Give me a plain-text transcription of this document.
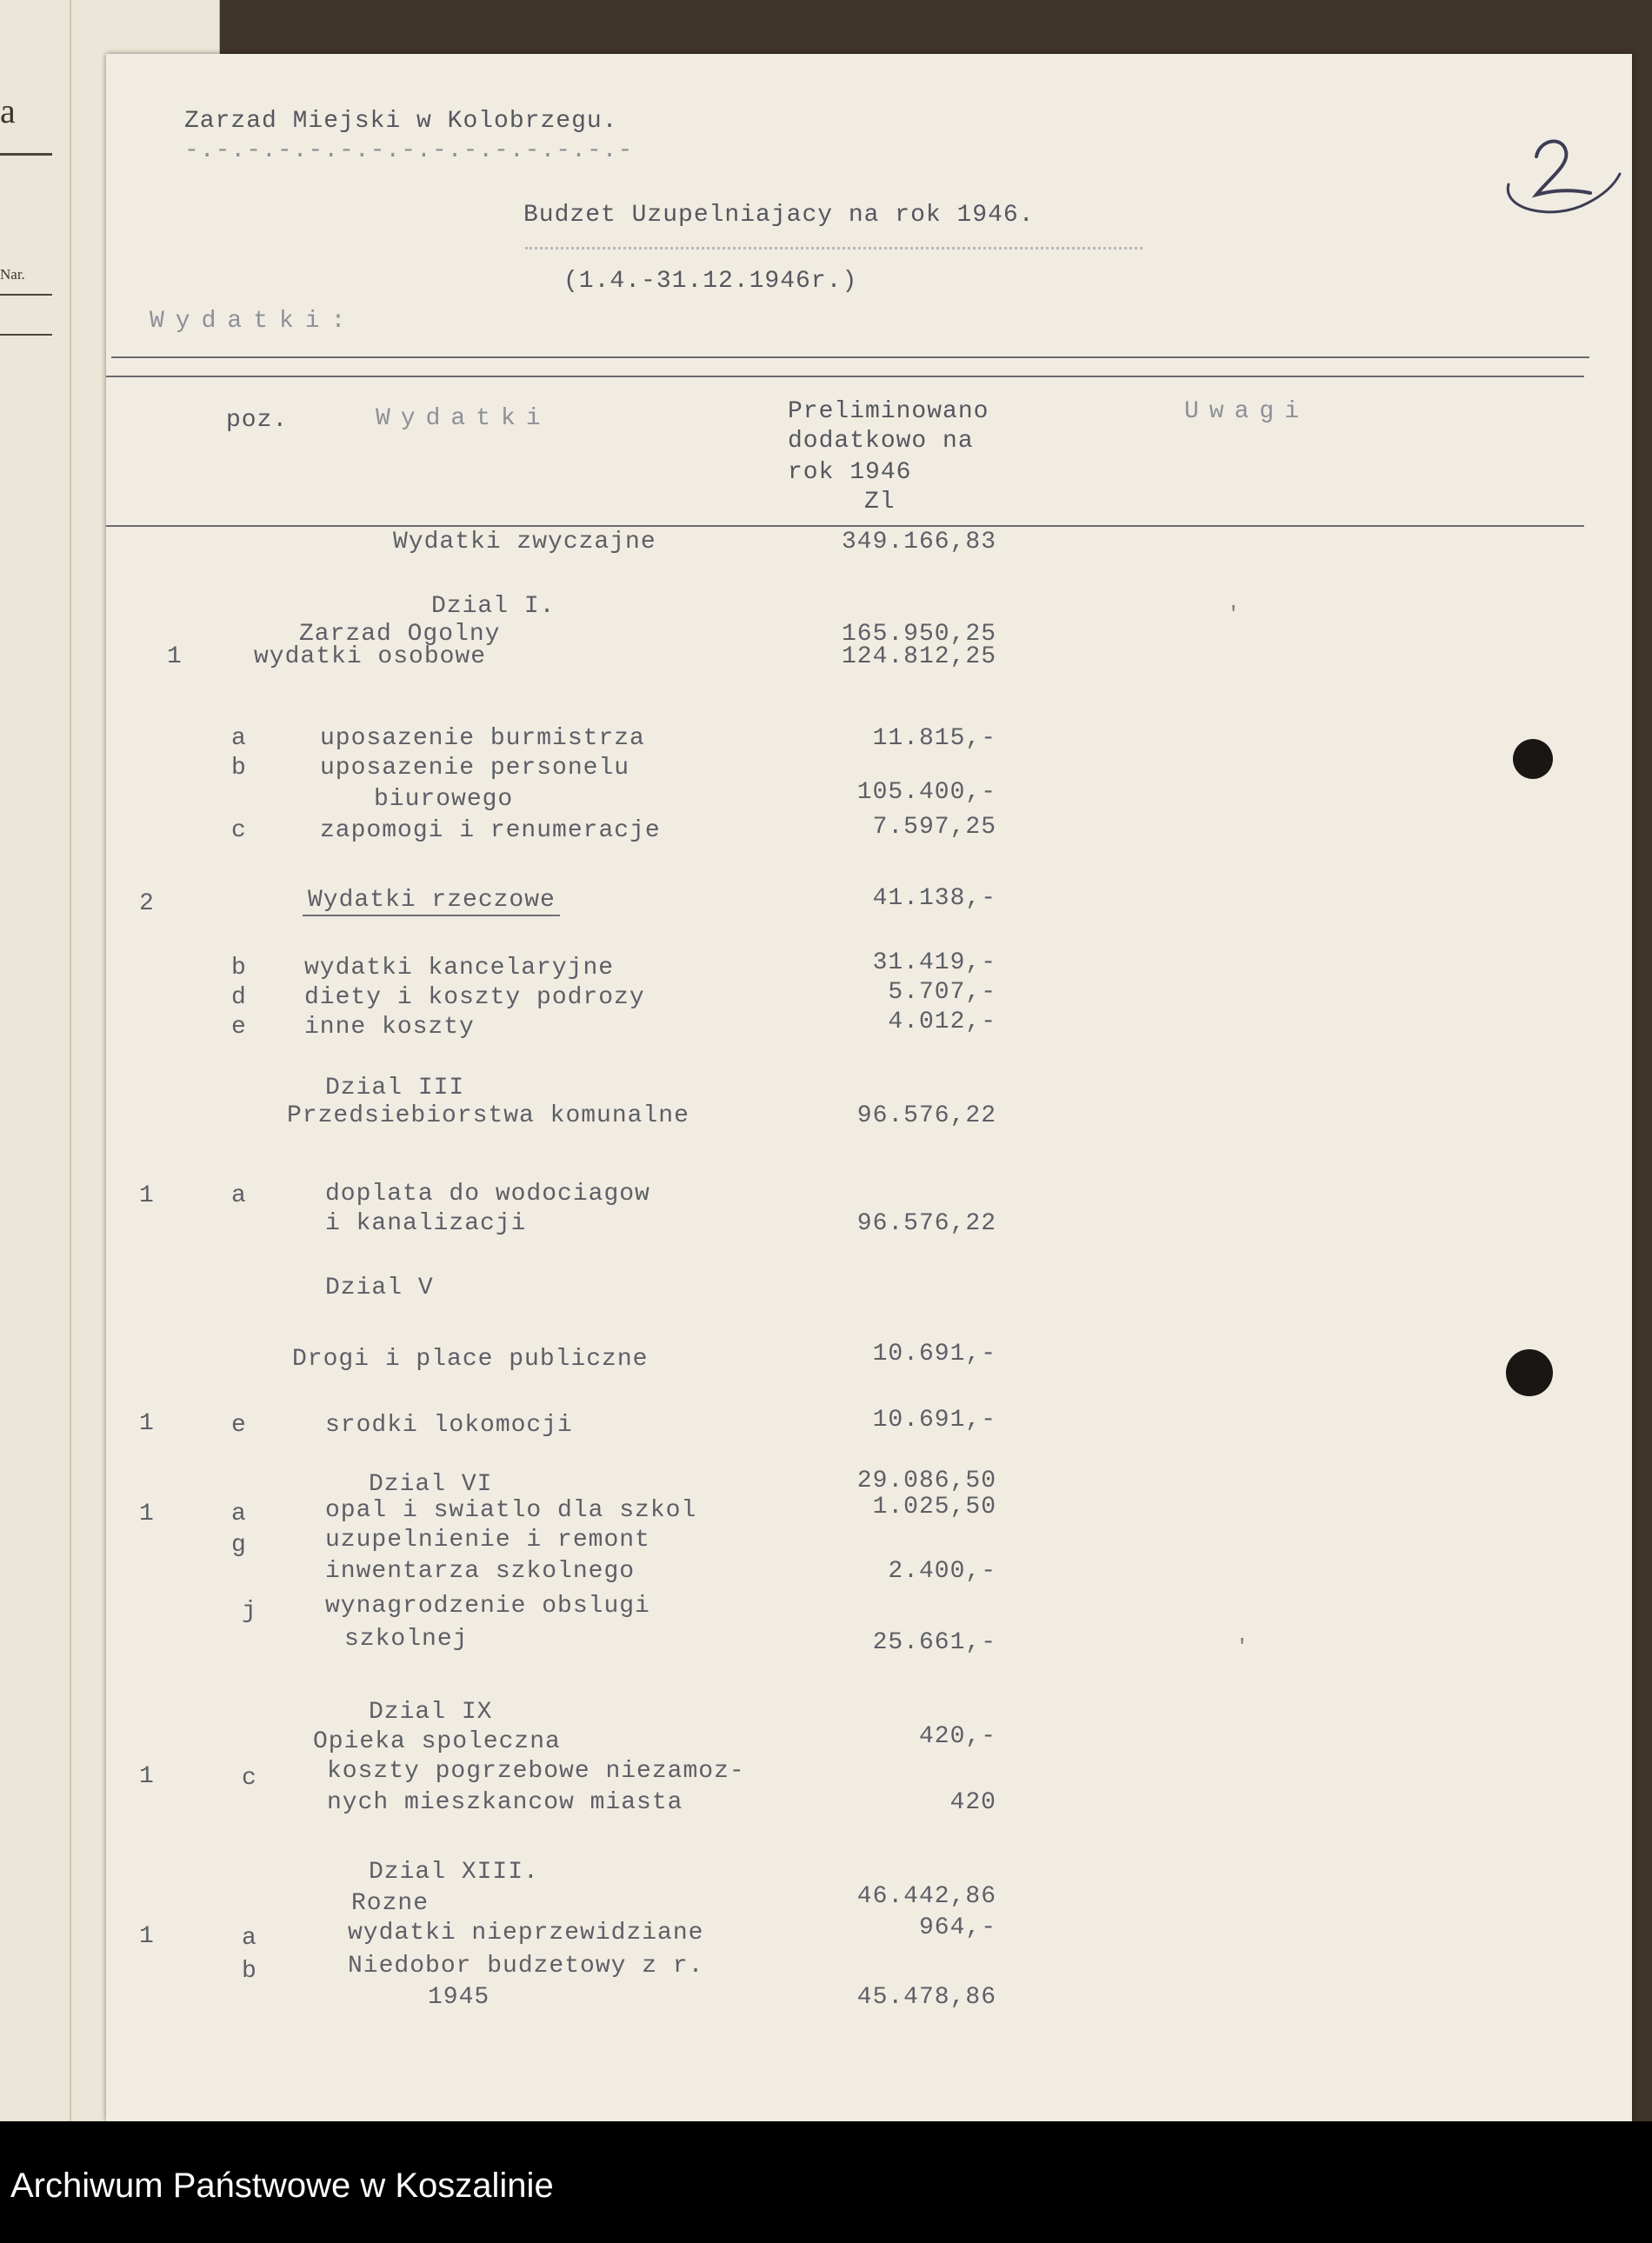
a
Nar.
Zarzad Miejski w Kolobrzegu.
-.-.-.-.-.-.-.-.-.-.-.-.-.-.-
Budzet Uzupelniajacy na rok 1946.
(1.4.-31.12.1946r.)
Wydatki:
poz.	Wydatki	Preliminowano
dodatkowo na
rok 1946
Zl
Uwagi
Wydatki zwyczajne	349.166,83
Dzial I.
Zarzad Ogolny	165.950,25
1	wydatki osobowe	124.812,25
a	uposazenie burmistrza	11.815,-
b	uposazenie personelu
biurowego	105.400,-
c	zapomogi i renumeracje	7.597,25
2	Wydatki rzeczowe	41.138,-
b wydatki kancelaryjne	31.419,-
d diety i koszty podrozy	5.707,-
e inne koszty	4.012,-
Dzial III
Przedsiebiorstwa komunalne	96.576,22
1	a	doplata do wodociagow
i kanalizacji	96.576,22
Dzial V
Drogi i place publiczne	10.691,-
1	e	srodki lokomocji	10.691,-
Dzial VI	29.086,50
1	a	opal i swiatlo dla szkol	1.025,50
g	uzupelnienie i remont
inwentarza szkolnego	2.400,-
j	wynagrodzenie obslugi
szkolnej	25.661,-
Dzial IX
Opieka spoleczna	420,-
1	c	koszty pogrzebowe niezamoz-
nych mieszkancow miasta	420
Dzial XIII.
Rozne	46.442,86
1	a	wydatki nieprzewidziane	964,-
b	Niedobor budzetowy z r.
1945	45.478,86
′
′
Archiwum Państwowe w Koszalinie
